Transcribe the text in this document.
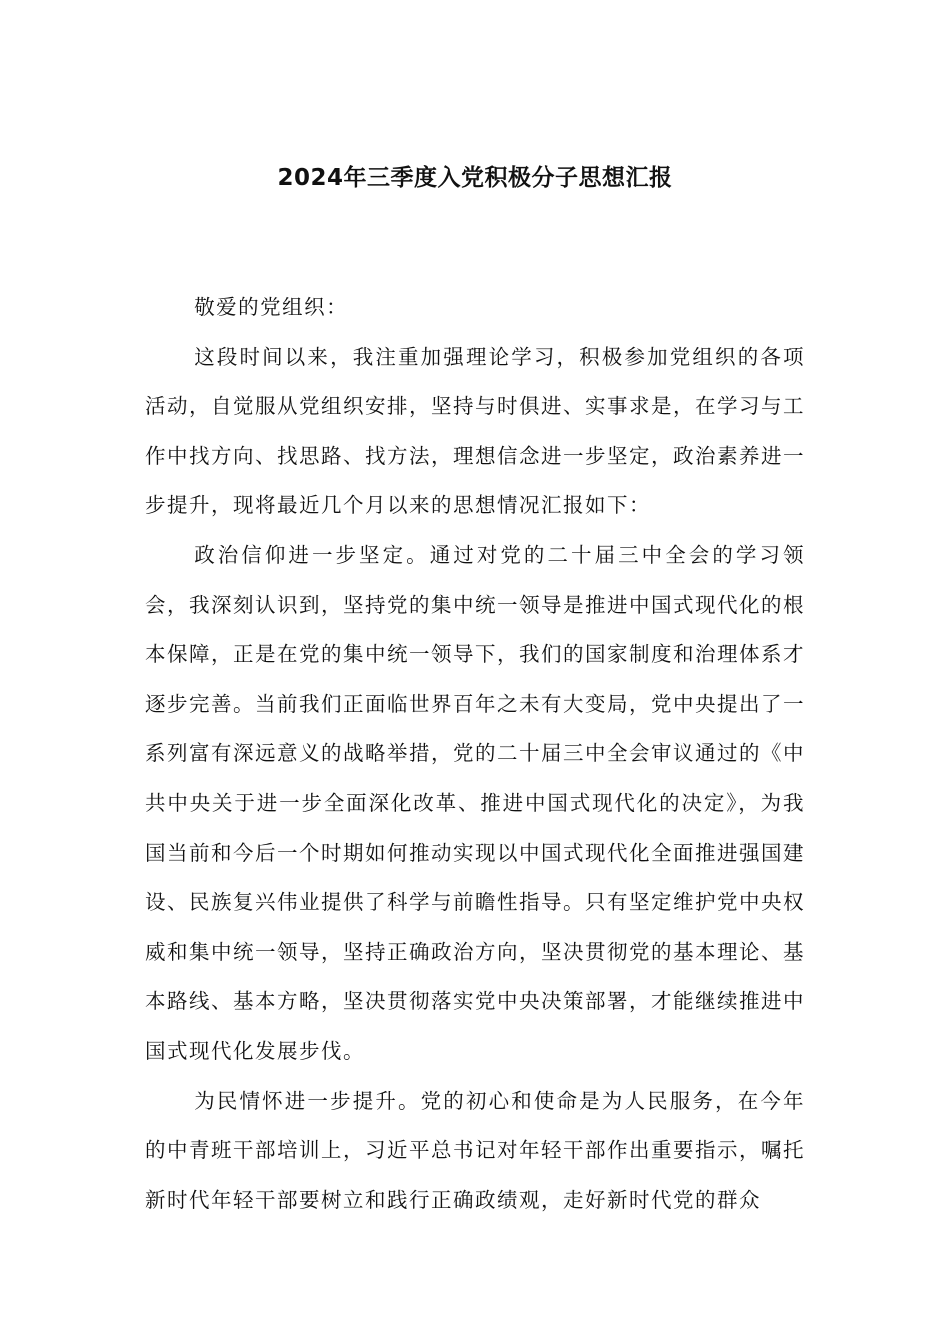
2024年三季度入党积极分子思想汇报

敬爱的党组织：

这段时间以来，我注重加强理论学习，积极参加党组织的各项活动，自觉服从党组织安排，坚持与时俱进、实事求是，在学习与工作中找方向、找思路、找方法，理想信念进一步坚定，政治素养进一步提升，现将最近几个月以来的思想情况汇报如下：

政治信仰进一步坚定。通过对党的二十届三中全会的学习领会，我深刻认识到，坚持党的集中统一领导是推进中国式现代化的根本保障，正是在党的集中统一领导下，我们的国家制度和治理体系才逐步完善。当前我们正面临世界百年之未有大变局，党中央提出了一系列富有深远意义的战略举措，党的二十届三中全会审议通过的《中共中央关于进一步全面深化改革、推进中国式现代化的决定》，为我国当前和今后一个时期如何推动实现以中国式现代化全面推进强国建设、民族复兴伟业提供了科学与前瞻性指导。只有坚定维护党中央权威和集中统一领导，坚持正确政治方向，坚决贯彻党的基本理论、基本路线、基本方略，坚决贯彻落实党中央决策部署，才能继续推进中国式现代化发展步伐。

为民情怀进一步提升。党的初心和使命是为人民服务，在今年的中青班干部培训上，习近平总书记对年轻干部作出重要指示，嘱托新时代年轻干部要树立和践行正确政绩观，走好新时代党的群众
